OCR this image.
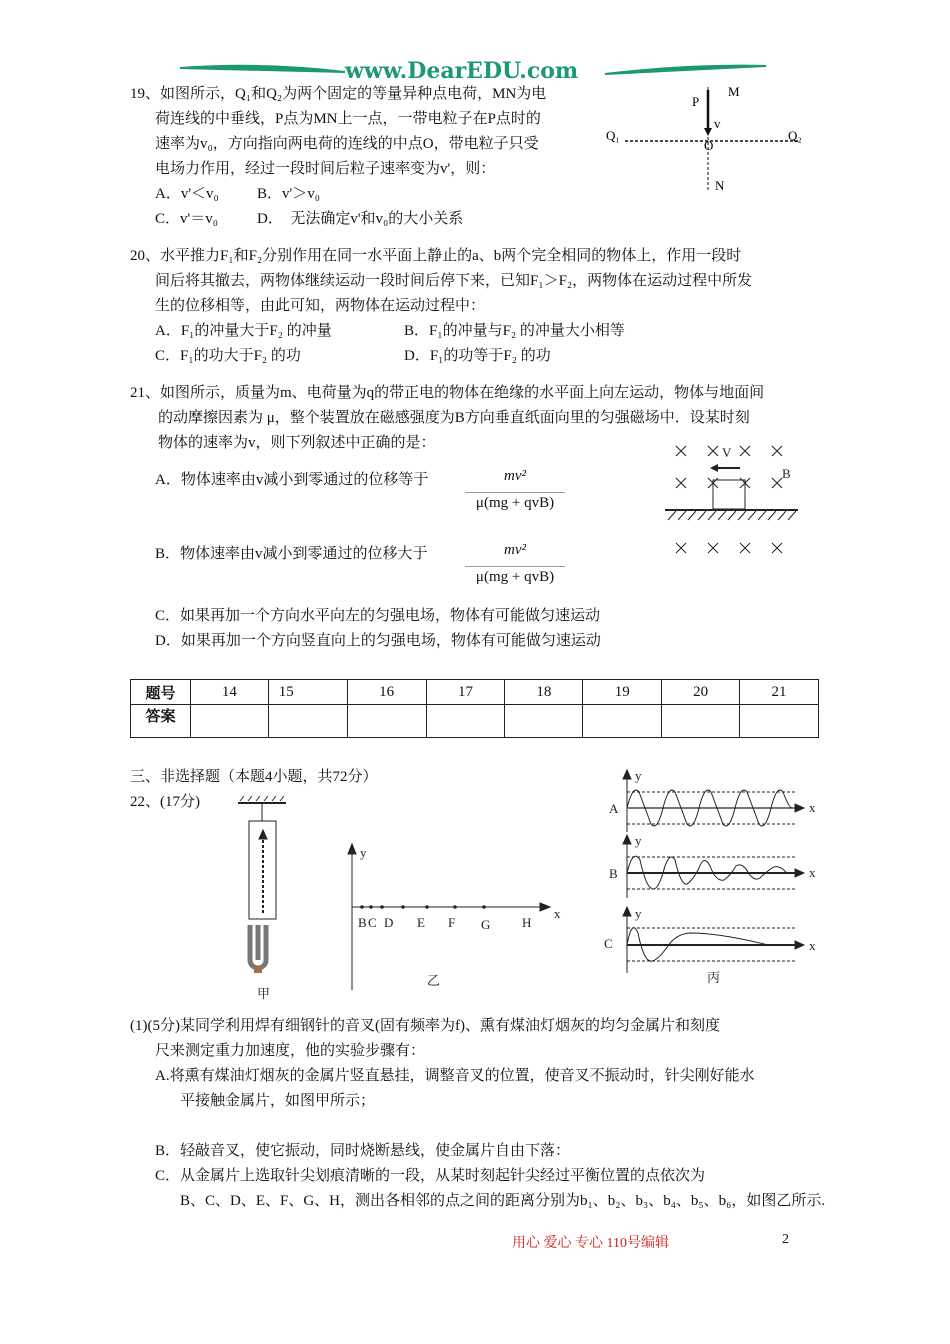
www.DearEDU.com
19、如图所示，Q₁和Q₂为两个固定的等量异种点电荷，MN为电
荷连线的中垂线，P点为MN上一点，一带电粒子在P点时的
速率为v₀，方向指向两电荷的连线的中点O，带电粒子只受
电场力作用，经过一段时间后粒子速率变为v'，则：
A．v'＜v₀	B．v'＞v₀
C．v'＝v₀	D．　无法确定v'和v₀的大小关系
P
M
v
Q₁
O
Q₂
N
20、水平推力F₁和F₂分别作用在同一水平面上静止的a、b两个完全相同的物体上，作用一段时
间后将其撤去，两物体继续运动一段时间后停下来，已知F₁＞F₂，两物体在运动过程中所发
生的位移相等，由此可知，两物体在运动过程中：
A．F₁的冲量大于F₂ 的冲量	B．F₁的冲量与F₂ 的冲量大小相等
C．F₁的功大于F₂ 的功	D．F₁的功等于F₂ 的功
21、如图所示，质量为m、电荷量为q的带正电的物体在绝缘的水平面上向左运动，物体与地面间
的动摩擦因素为 μ，整个装置放在磁感强度为B方向垂直纸面向里的匀强磁场中．设某时刻
物体的速率为v，则下列叙述中正确的是：
A．物体速率由v减小到零通过的位移等于	mv²
μ(mg + qvB)
B．物体速率由v减小到零通过的位移大于	mv²
μ(mg + qvB)
C．如果再加一个方向水平向左的匀强电场，物体有可能做匀速运动
D．如果再加一个方向竖直向上的匀强电场，物体有可能做匀速运动
V
B
题号	14	15	16	17	18	19	20	21
答案								
三、非选择题（本题4小题，共72分）
22、(17分)
甲
y
x
B C D E F G H
乙
A
y
x
B
y
x
C
y
x
丙
(1)(5分)某同学利用焊有细钢针的音叉(固有频率为f)、熏有煤油灯烟灰的均匀金属片和刻度
尺来测定重力加速度，他的实验步骤有：
A.将熏有煤油灯烟灰的金属片竖直悬挂，调整音叉的位置，使音叉不振动时，针尖刚好能水
平接触金属片，如图甲所示；
B．轻敲音叉，使它振动，同时烧断悬线，使金属片自由下落：
C．从金属片上选取针尖划痕清晰的一段，从某时刻起针尖经过平衡位置的点依次为
B、C、D、E、F、G、H，测出各相邻的点之间的距离分别为b₁、b₂、b₃、b₄、b₅、b₆，如图乙所示.
用心 爱心 专心 110号编辑	2
